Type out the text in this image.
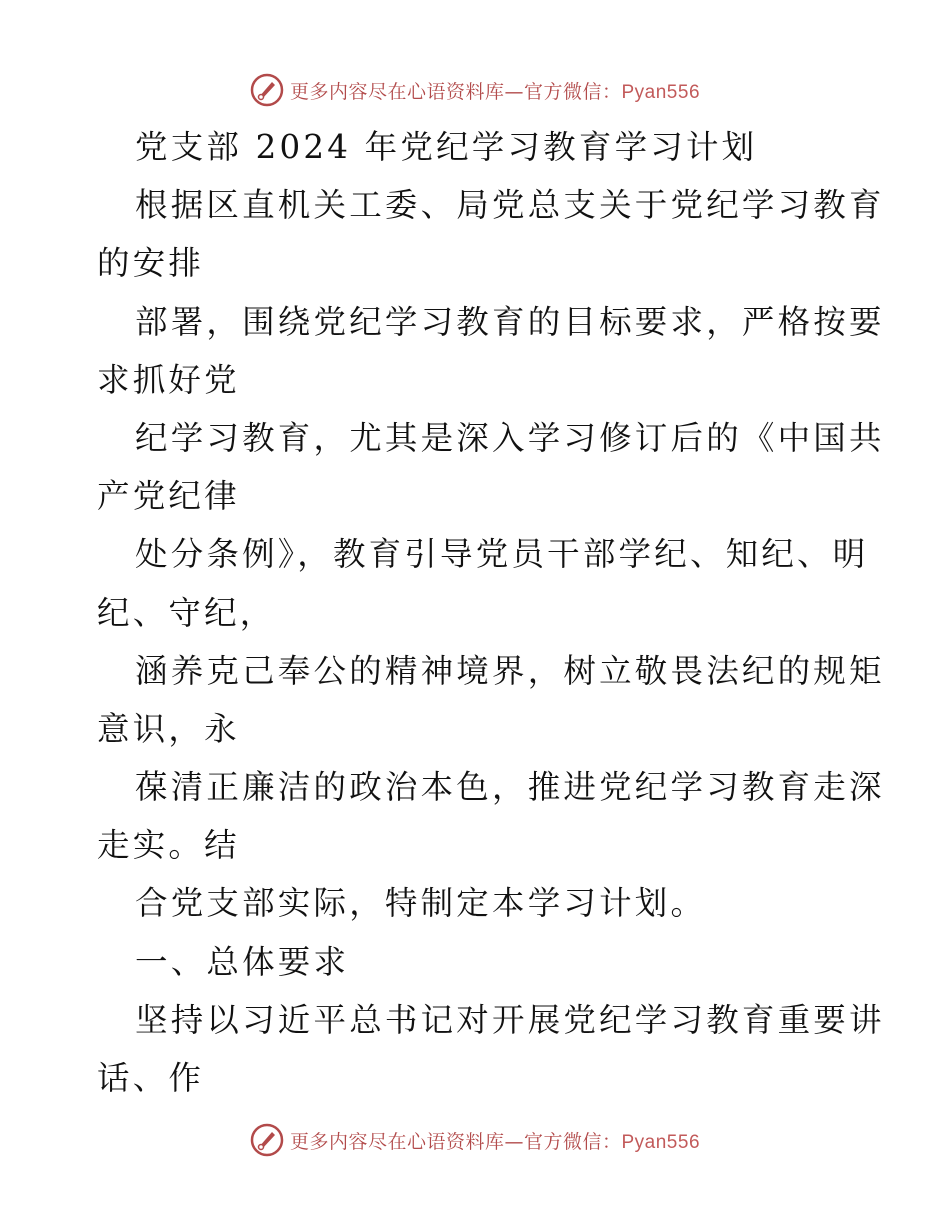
更多内容尽在心语资料库—官方微信：Pyan556
党支部 2024 年党纪学习教育学习计划
根据区直机关工委、局党总支关于党纪学习教育
的安排
部署，围绕党纪学习教育的目标要求，严格按要
求抓好党
纪学习教育，尤其是深入学习修订后的《中国共
产党纪律
处分条例》，教育引导党员干部学纪、知纪、明
纪、守纪，
涵养克己奉公的精神境界，树立敬畏法纪的规矩
意识，永
葆清正廉洁的政治本色，推进党纪学习教育走深
走实。结
合党支部实际，特制定本学习计划。
一、总体要求
坚持以习近平总书记对开展党纪学习教育重要讲
话、作
更多内容尽在心语资料库—官方微信：Pyan556
